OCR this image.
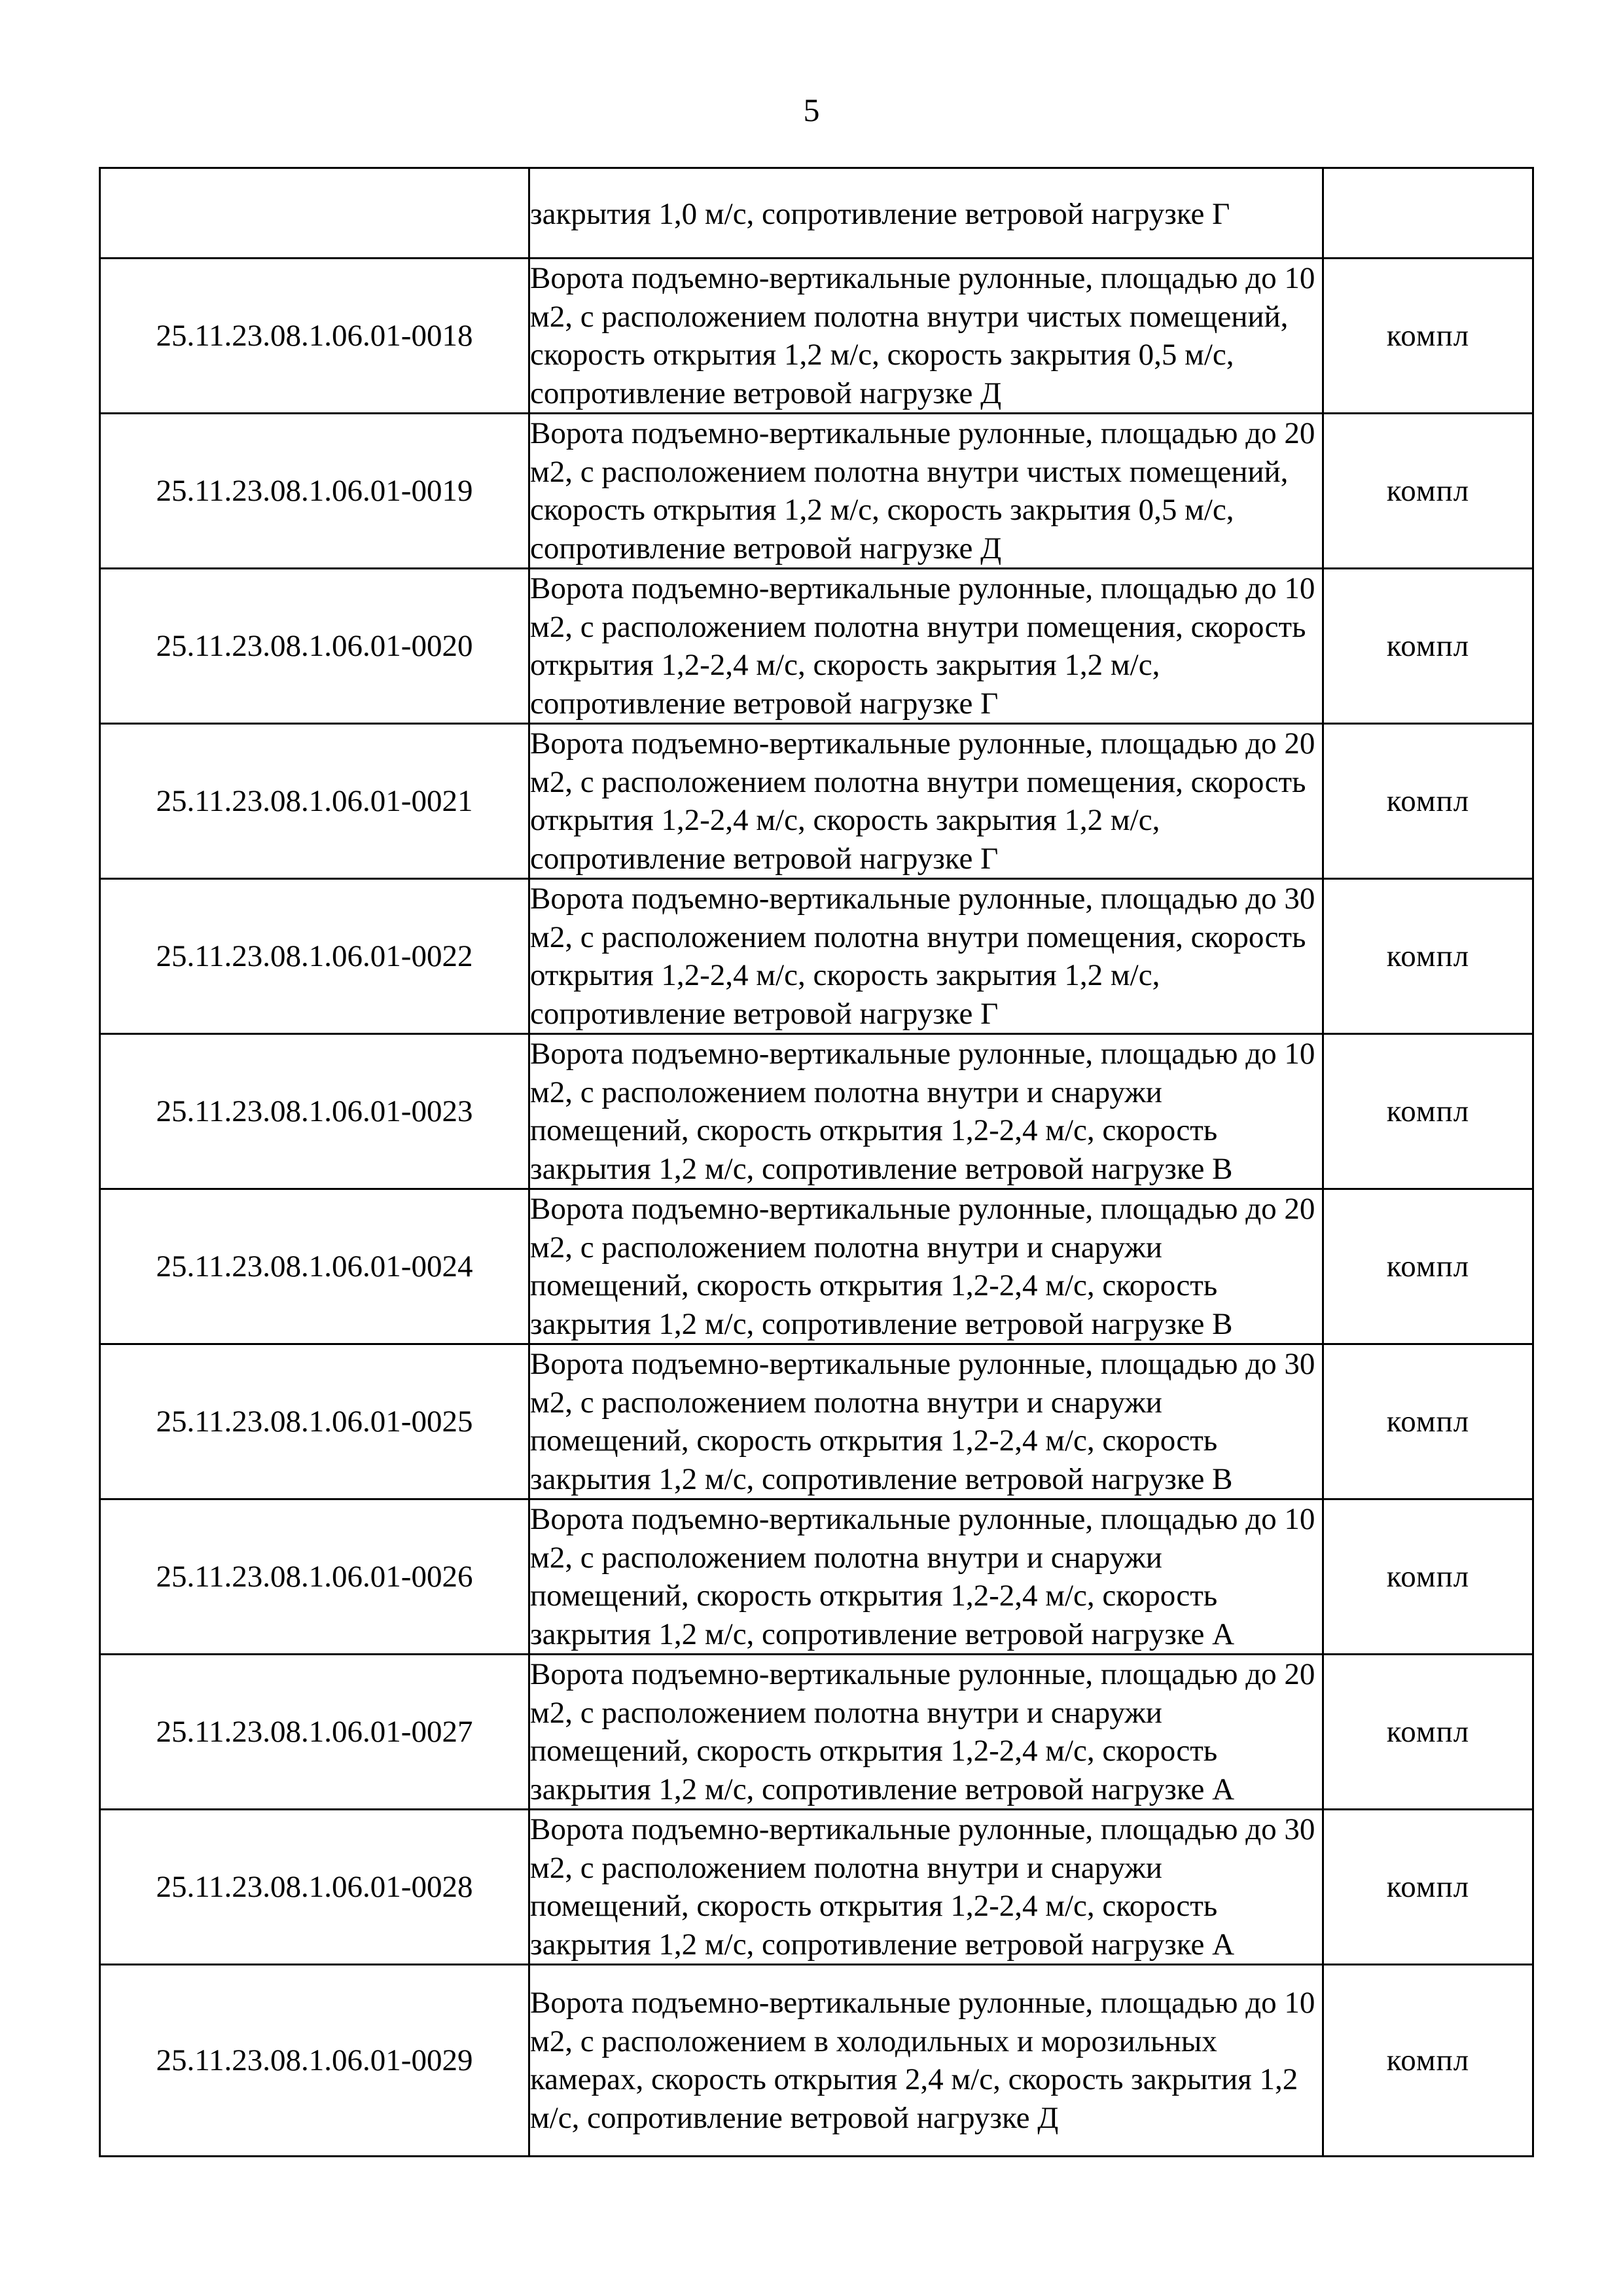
5
	закрытия 1,0 м/с, сопротивление ветровой нагрузке Г	
25.11.23.08.1.06.01-0018	Ворота подъемно-вертикальные рулонные, площадью до 10 м2, с расположением полотна внутри чистых помещений, скорость открытия 1,2 м/с, скорость закрытия 0,5 м/с, сопротивление ветровой нагрузке Д	компл
25.11.23.08.1.06.01-0019	Ворота подъемно-вертикальные рулонные, площадью до 20 м2, с расположением полотна внутри чистых помещений, скорость открытия 1,2 м/с, скорость закрытия 0,5 м/с, сопротивление ветровой нагрузке Д	компл
25.11.23.08.1.06.01-0020	Ворота подъемно-вертикальные рулонные, площадью до 10 м2, с расположением полотна внутри помещения, скорость открытия 1,2-2,4 м/с, скорость закрытия 1,2 м/с, сопротивление ветровой нагрузке Г	компл
25.11.23.08.1.06.01-0021	Ворота подъемно-вертикальные рулонные, площадью до 20 м2, с расположением полотна внутри помещения, скорость открытия 1,2-2,4 м/с, скорость закрытия 1,2 м/с, сопротивление ветровой нагрузке Г	компл
25.11.23.08.1.06.01-0022	Ворота подъемно-вертикальные рулонные, площадью до 30 м2, с расположением полотна внутри помещения, скорость открытия 1,2-2,4 м/с, скорость закрытия 1,2 м/с, сопротивление ветровой нагрузке Г	компл
25.11.23.08.1.06.01-0023	Ворота подъемно-вертикальные рулонные, площадью до 10 м2, с расположением полотна внутри и снаружи помещений, скорость открытия 1,2-2,4 м/с, скорость закрытия 1,2 м/с, сопротивление ветровой нагрузке В	компл
25.11.23.08.1.06.01-0024	Ворота подъемно-вертикальные рулонные, площадью до 20 м2, с расположением полотна внутри и снаружи помещений, скорость открытия 1,2-2,4 м/с, скорость закрытия 1,2 м/с, сопротивление ветровой нагрузке В	компл
25.11.23.08.1.06.01-0025	Ворота подъемно-вертикальные рулонные, площадью до 30 м2, с расположением полотна внутри и снаружи помещений, скорость открытия 1,2-2,4 м/с, скорость закрытия 1,2 м/с, сопротивление ветровой нагрузке В	компл
25.11.23.08.1.06.01-0026	Ворота подъемно-вертикальные рулонные, площадью до 10 м2, с расположением полотна внутри и снаружи помещений, скорость открытия 1,2-2,4 м/с, скорость закрытия 1,2 м/с, сопротивление ветровой нагрузке А	компл
25.11.23.08.1.06.01-0027	Ворота подъемно-вертикальные рулонные, площадью до 20 м2, с расположением полотна внутри и снаружи помещений, скорость открытия 1,2-2,4 м/с, скорость закрытия 1,2 м/с, сопротивление ветровой нагрузке А	компл
25.11.23.08.1.06.01-0028	Ворота подъемно-вертикальные рулонные, площадью до 30 м2, с расположением полотна внутри и снаружи помещений, скорость открытия 1,2-2,4 м/с, скорость закрытия 1,2 м/с, сопротивление ветровой нагрузке А	компл
25.11.23.08.1.06.01-0029	Ворота подъемно-вертикальные рулонные, площадью до 10 м2, с расположением в холодильных и морозильных камерах, скорость открытия 2,4 м/с, скорость закрытия 1,2 м/с, сопротивление ветровой нагрузке Д	компл
